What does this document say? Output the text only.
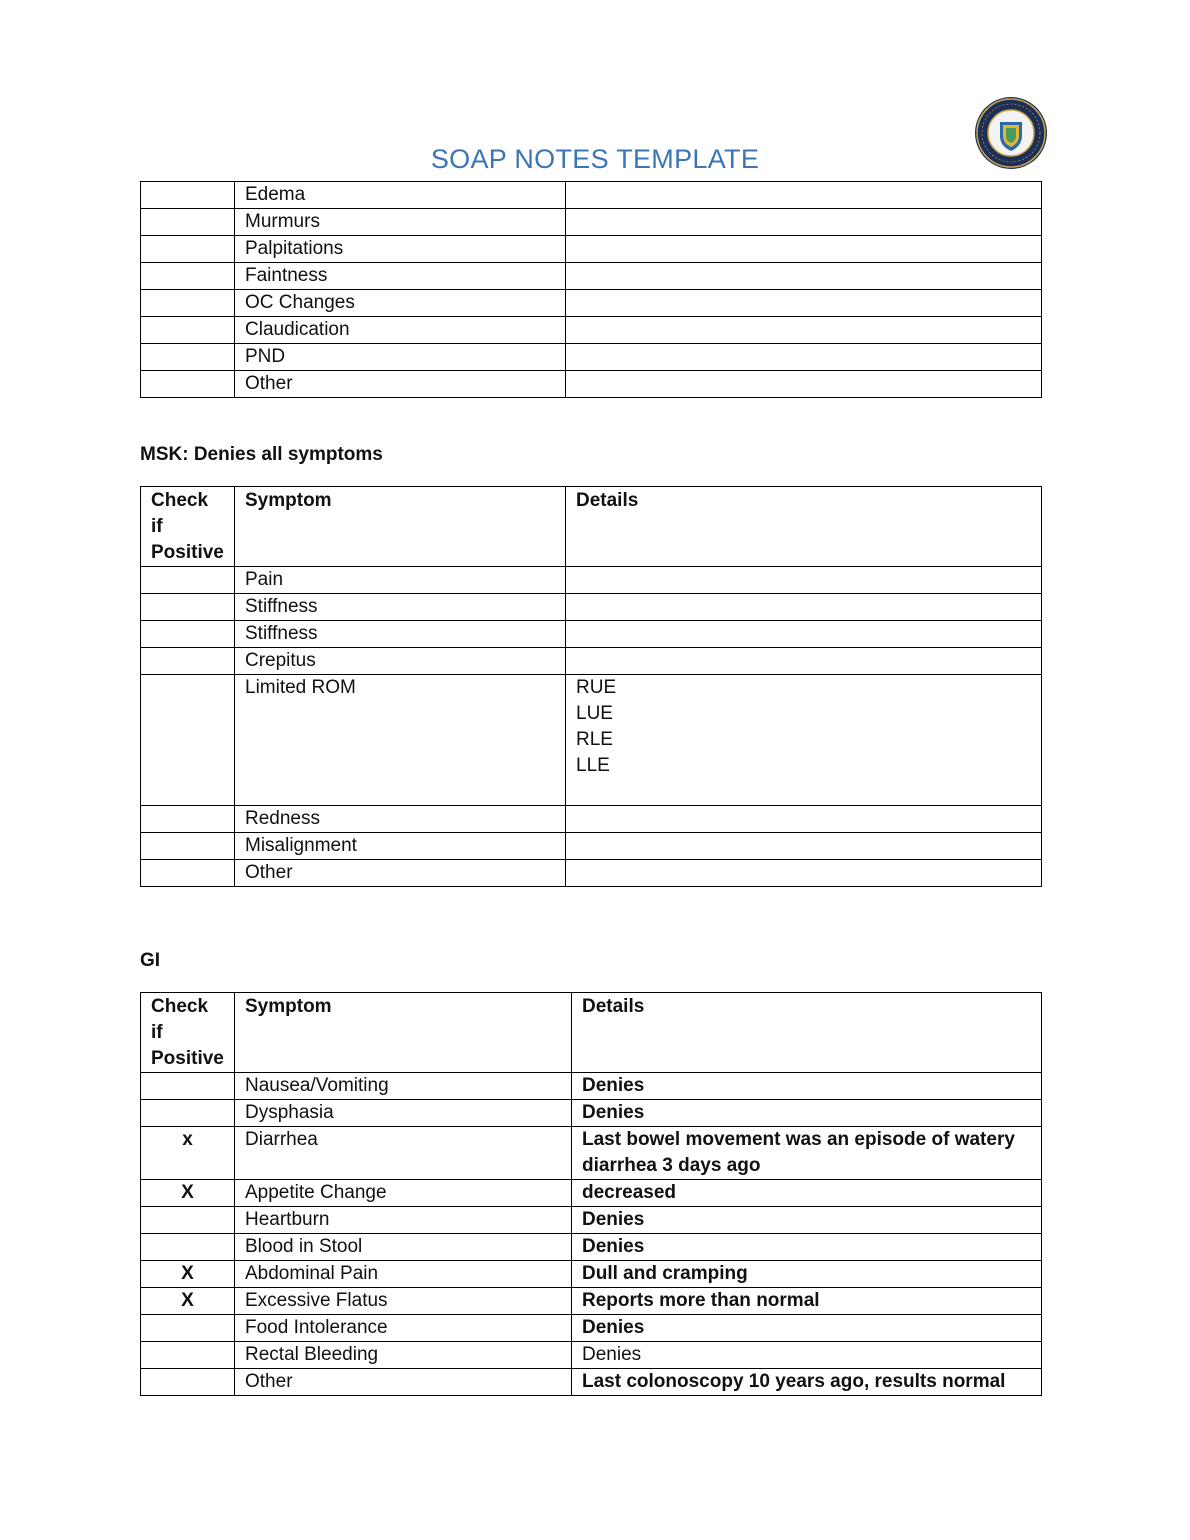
SOAP NOTES TEMPLATE
	Edema	
	Murmurs	
	Palpitations	
	Faintness	
	OC Changes	
	Claudication	
	PND	
	Other	
MSK: Denies all symptoms
Check if Positive	Symptom	Details
	Pain	
	Stiffness	
	Stiffness	
	Crepitus	
	Limited ROM	RUE
LUE
RLE
LLE

	Redness	
	Misalignment	
	Other	
GI
Check if Positive	Symptom	Details
	Nausea/Vomiting	Denies
	Dysphasia	Denies
x	Diarrhea	Last bowel movement was an episode of watery diarrhea 3 days ago
X	Appetite Change	decreased
	Heartburn	Denies
	Blood in Stool	Denies
X	Abdominal Pain	Dull and cramping
X	Excessive Flatus	Reports more than normal
	Food Intolerance	Denies
	Rectal Bleeding	Denies
	Other	Last colonoscopy 10 years ago, results normal
